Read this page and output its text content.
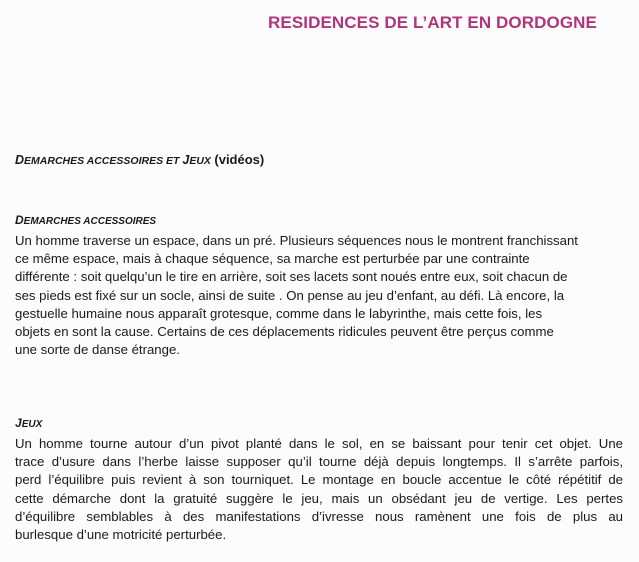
RESIDENCES DE L’ART EN DORDOGNE
DEMARCHES ACCESSOIRES ET JEUX (vidéos)
DEMARCHES ACCESSOIRES
Un homme traverse un espace, dans un pré. Plusieurs séquences nous le montrent franchissant
ce même espace, mais à chaque séquence, sa marche est perturbée par une contrainte
différente : soit quelqu’un le tire en arrière, soit ses lacets sont noués entre eux, soit chacun de
ses pieds est fixé sur un socle, ainsi de suite . On pense au jeu d’enfant, au défi. Là encore, la
gestuelle humaine nous apparaît grotesque, comme dans le labyrinthe, mais cette fois, les
objets en sont la cause. Certains de ces déplacements ridicules peuvent être perçus comme
une sorte de danse étrange.
JEUX
Un homme tourne autour d’un pivot planté dans le sol, en se baissant pour tenir cet objet. Une
trace d’usure dans l’herbe laisse supposer qu’il tourne déjà depuis longtemps. Il s’arrête parfois,
perd l’équilibre puis revient à son tourniquet. Le montage en boucle accentue le côté répétitif de
cette démarche dont la gratuité suggère le jeu, mais un obsédant jeu de vertige. Les pertes
d’équilibre semblables à des manifestations d’ivresse nous ramènent une fois de plus au
burlesque d’une motricité perturbée.
